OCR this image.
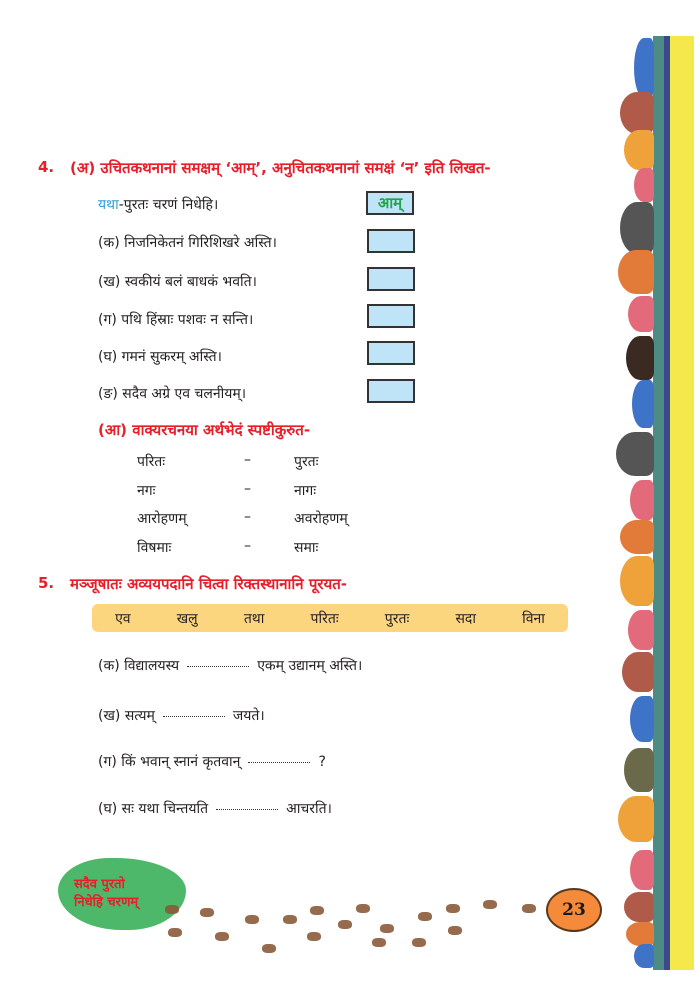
4. (अ) उचितकथनानां समक्षम् ‘आम्’, अनुचितकथनानां समक्षं ‘न’ इति लिखत-
यथा-पुरतः चरणं निधेहि।	आम्
(क) निजनिकेतनं गिरिशिखरे अस्ति।
(ख) स्वकीयं बलं बाधकं भवति।
(ग) पथि हिंस्राः पशवः न सन्ति।
(घ) गमनं सुकरम् अस्ति।
(ङ) सदैव अग्रे एव चलनीयम्।
(आ) वाक्यरचनया अर्थभेदं स्पष्टीकुरुत-
परितः	–	पुरतः
नगः	–	नागः
आरोहणम्	–	अवरोहणम्
विषमाः	–	समाः
5. मञ्जूषातः अव्ययपदानि चित्वा रिक्तस्थानानि पूरयत-
एव	खलु	तथा	परितः	पुरतः	सदा	विना
(क) विद्यालयस्य	एकम् उद्यानम् अस्ति।
(ख) सत्यम्	जयते।
(ग) किं भवान् स्नानं कृतवान्	?
(घ) सः यथा चिन्तयति	आचरति।
सदैव पुरतो
निधेहि चरणम्	23
